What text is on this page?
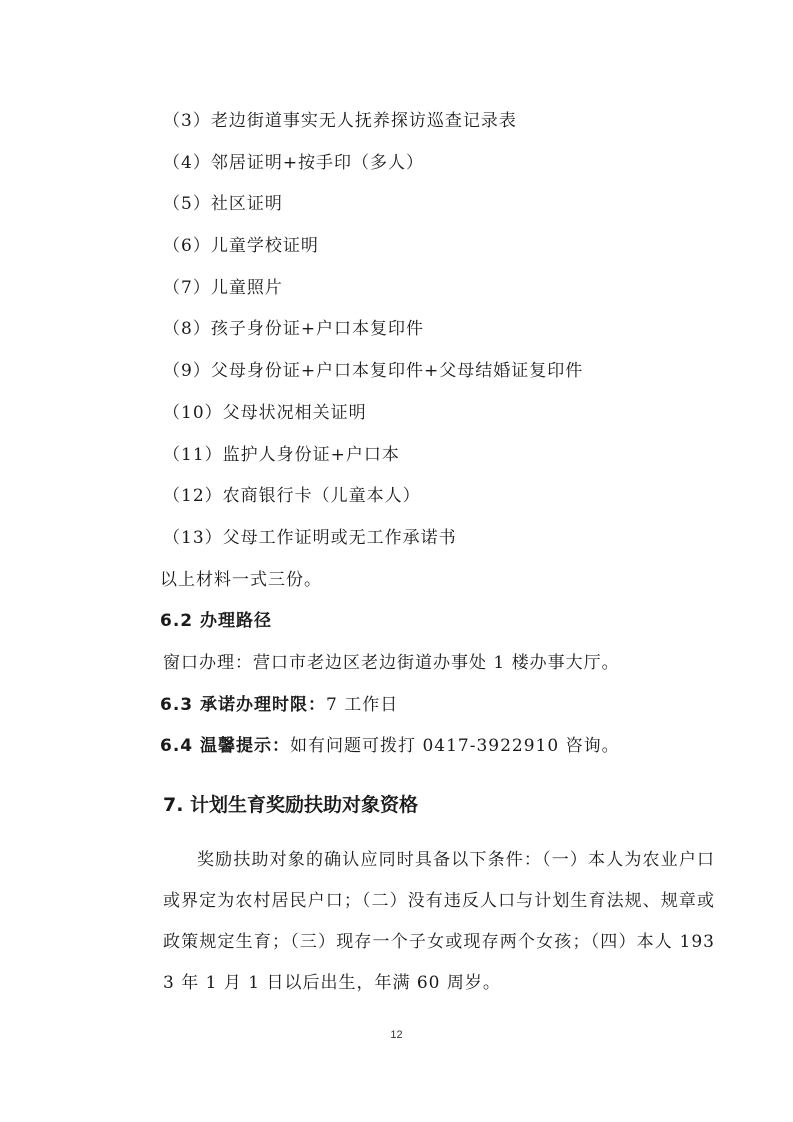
（3）老边街道事实无人抚养探访巡查记录表
（4）邻居证明+按手印（多人）
（5）社区证明
（6）儿童学校证明
（7）儿童照片
（8）孩子身份证+户口本复印件
（9）父母身份证+户口本复印件+父母结婚证复印件
（10）父母状况相关证明
（11）监护人身份证+户口本
（12）农商银行卡（儿童本人）
（13）父母工作证明或无工作承诺书
以上材料一式三份。
6.2 办理路径
窗口办理：营口市老边区老边街道办事处 1 楼办事大厅。
6.3 承诺办理时限：7 工作日
6.4 温馨提示：如有问题可拨打 0417-3922910 咨询。
7. 计划生育奖励扶助对象资格
奖励扶助对象的确认应同时具备以下条件：（一）本人为农业户口或界定为农村居民户口；（二）没有违反人口与计划生育法规、规章或政策规定生育；（三）现存一个子女或现存两个女孩；（四）本人 1933 年 1 月 1 日以后出生，年满 60 周岁。
12
